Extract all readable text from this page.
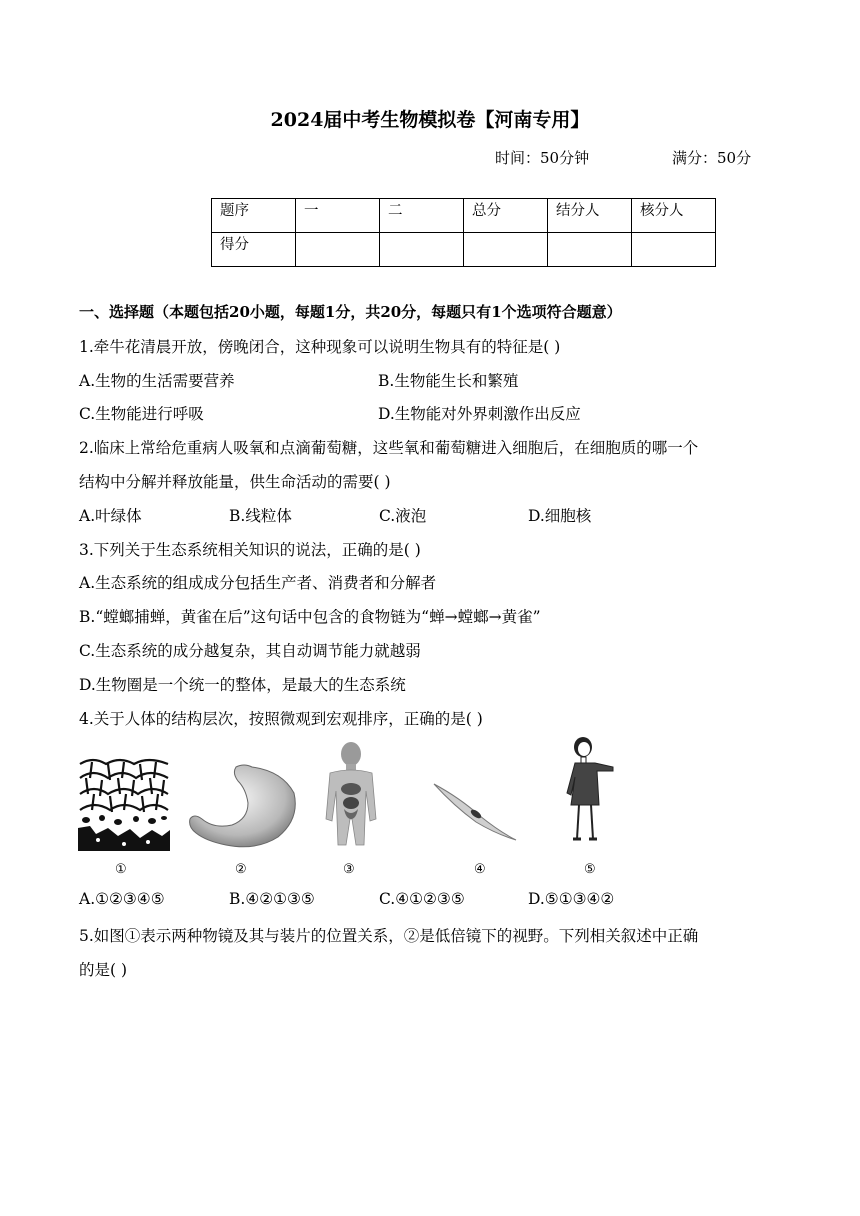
2024届中考生物模拟卷【河南专用】
时间：50分钟	满分：50分
题序	一	二	总分	结分人	核分人
得分					
一、选择题（本题包括20小题，每题1分，共20分，每题只有1个选项符合题意）
1.牵牛花清晨开放，傍晚闭合，这种现象可以说明生物具有的特征是( )
A.生物的生活需要营养	B.生物能生长和繁殖
C.生物能进行呼吸	D.生物能对外界刺激作出反应
2.临床上常给危重病人吸氧和点滴葡萄糖，这些氧和葡萄糖进入细胞后，在细胞质的哪一个
结构中分解并释放能量，供生命活动的需要( )
A.叶绿体	B.线粒体	C.液泡	D.细胞核
3.下列关于生态系统相关知识的说法，正确的是( )
A.生态系统的组成成分包括生产者、消费者和分解者
B.“螳螂捕蝉，黄雀在后”这句话中包含的食物链为“蝉→螳螂→黄雀”
C.生态系统的成分越复杂，其自动调节能力就越弱
D.生物圈是一个统一的整体，是最大的生态系统
4.关于人体的结构层次，按照微观到宏观排序，正确的是( )
①	②	③	④	⑤
A.①②③④⑤	B.④②①③⑤	C.④①②③⑤	D.⑤①③④②
5.如图①表示两种物镜及其与装片的位置关系，②是低倍镜下的视野。下列相关叙述中正确
的是( )
